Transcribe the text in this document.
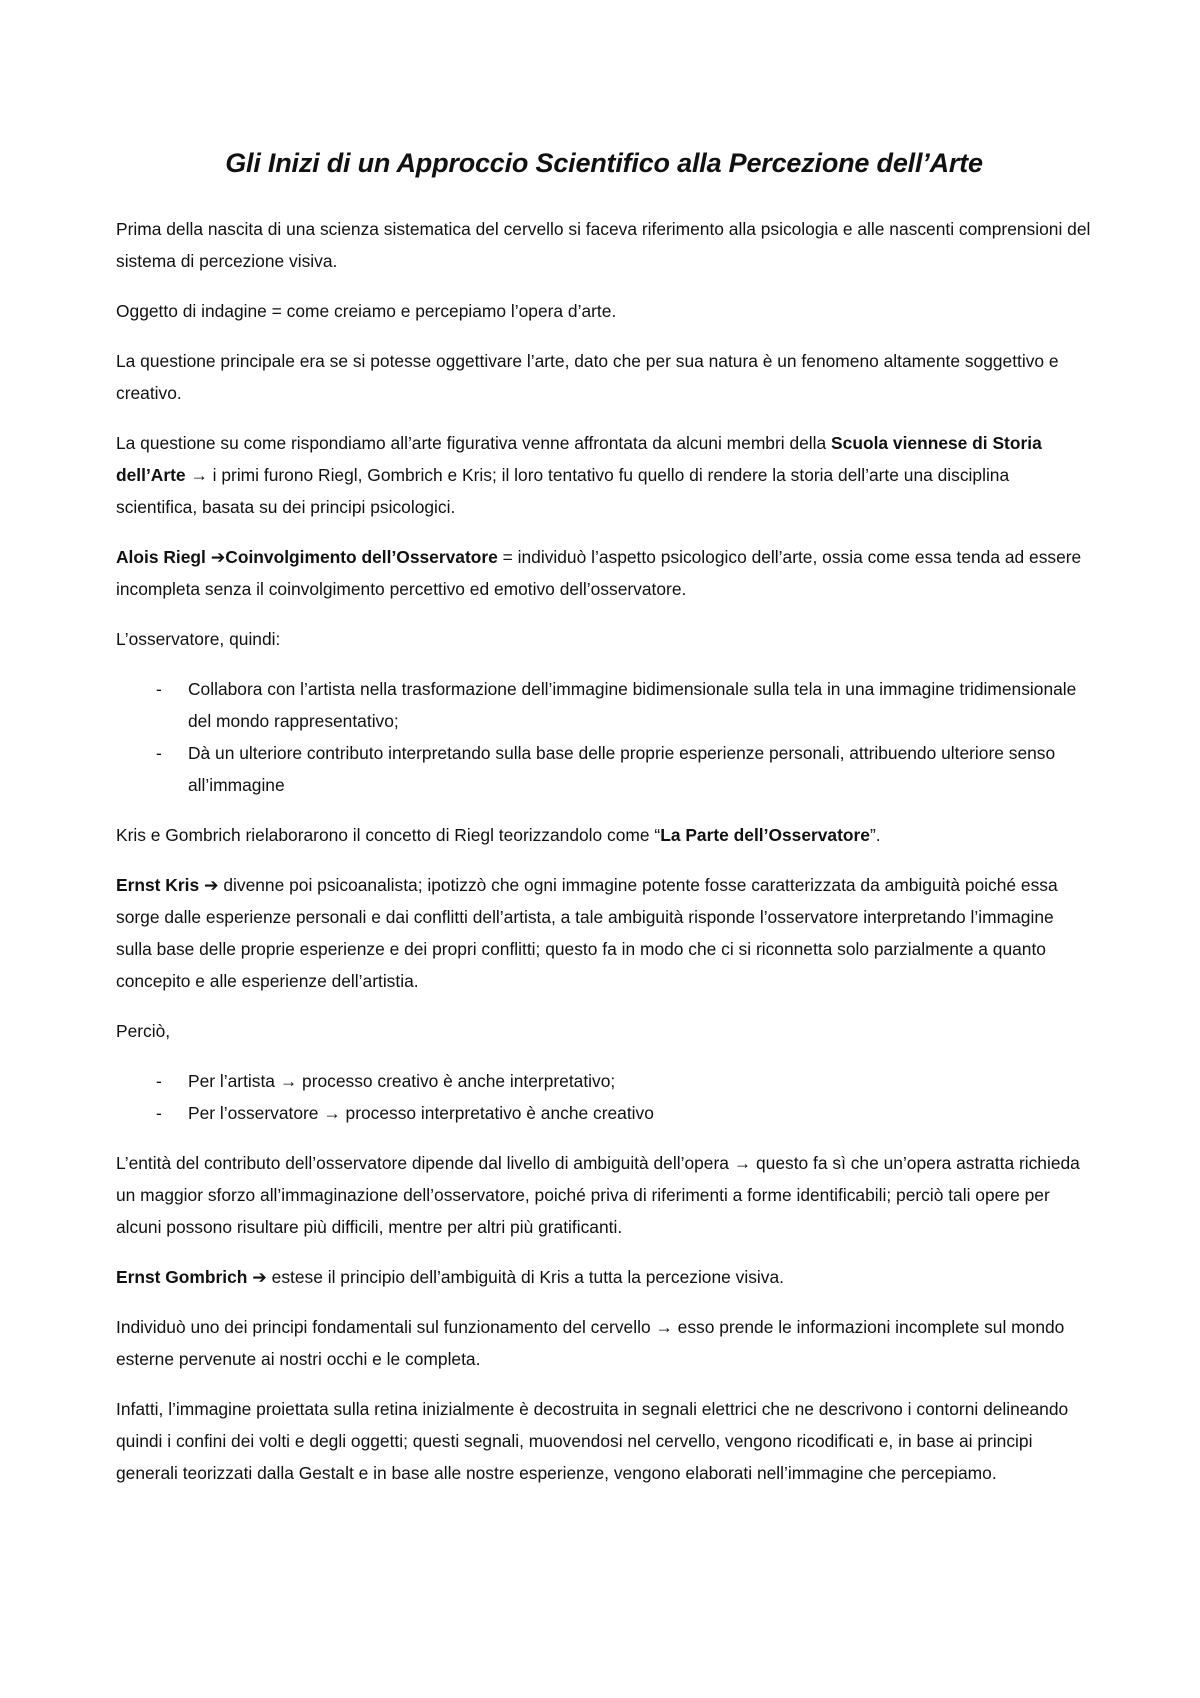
Gli Inizi di un Approccio Scientifico alla Percezione dell’Arte

Prima della nascita di una scienza sistematica del cervello si faceva riferimento alla psicologia e alle nascenti comprensioni del sistema di percezione visiva.

Oggetto di indagine = come creiamo e percepiamo l’opera d’arte.

La questione principale era se si potesse oggettivare l’arte, dato che per sua natura è un fenomeno altamente soggettivo e creativo.

La questione su come rispondiamo all’arte figurativa venne affrontata da alcuni membri della Scuola viennese di Storia dell’Arte → i primi furono Riegl, Gombrich e Kris; il loro tentativo fu quello di rendere la storia dell’arte una disciplina scientifica, basata su dei principi psicologici.

Alois Riegl ➔Coinvolgimento dell’Osservatore = individuò l’aspetto psicologico dell’arte, ossia come essa tenda ad essere incompleta senza il coinvolgimento percettivo ed emotivo dell’osservatore.

L’osservatore, quindi:

- Collabora con l’artista nella trasformazione dell’immagine bidimensionale sulla tela in una immagine tridimensionale del mondo rappresentativo;
- Dà un ulteriore contributo interpretando sulla base delle proprie esperienze personali, attribuendo ulteriore senso all’immagine

Kris e Gombrich rielaborarono il concetto di Riegl teorizzandolo come “La Parte dell’Osservatore”.

Ernst Kris ➔ divenne poi psicoanalista; ipotizzò che ogni immagine potente fosse caratterizzata da ambiguità poiché essa sorge dalle esperienze personali e dai conflitti dell’artista, a tale ambiguità risponde l’osservatore interpretando l’immagine sulla base delle proprie esperienze e dei propri conflitti; questo fa in modo che ci si riconnetta solo parzialmente a quanto concepito e alle esperienze dell’artistia.

Perciò,

- Per l’artista → processo creativo è anche interpretativo;
- Per l’osservatore → processo interpretativo è anche creativo

L’entità del contributo dell’osservatore dipende dal livello di ambiguità dell’opera → questo fa sì che un’opera astratta richieda un maggior sforzo all’immaginazione dell’osservatore, poiché priva di riferimenti a forme identificabili; perciò tali opere per alcuni possono risultare più difficili, mentre per altri più gratificanti.

Ernst Gombrich ➔ estese il principio dell’ambiguità di Kris a tutta la percezione visiva.

Individuò uno dei principi fondamentali sul funzionamento del cervello → esso prende le informazioni incomplete sul mondo esterne pervenute ai nostri occhi e le completa.

Infatti, l’immagine proiettata sulla retina inizialmente è decostruita in segnali elettrici che ne descrivono i contorni delineando quindi i confini dei volti e degli oggetti; questi segnali, muovendosi nel cervello, vengono ricodificati e, in base ai principi generali teorizzati dalla Gestalt e in base alle nostre esperienze, vengono elaborati nell’immagine che percepiamo.
